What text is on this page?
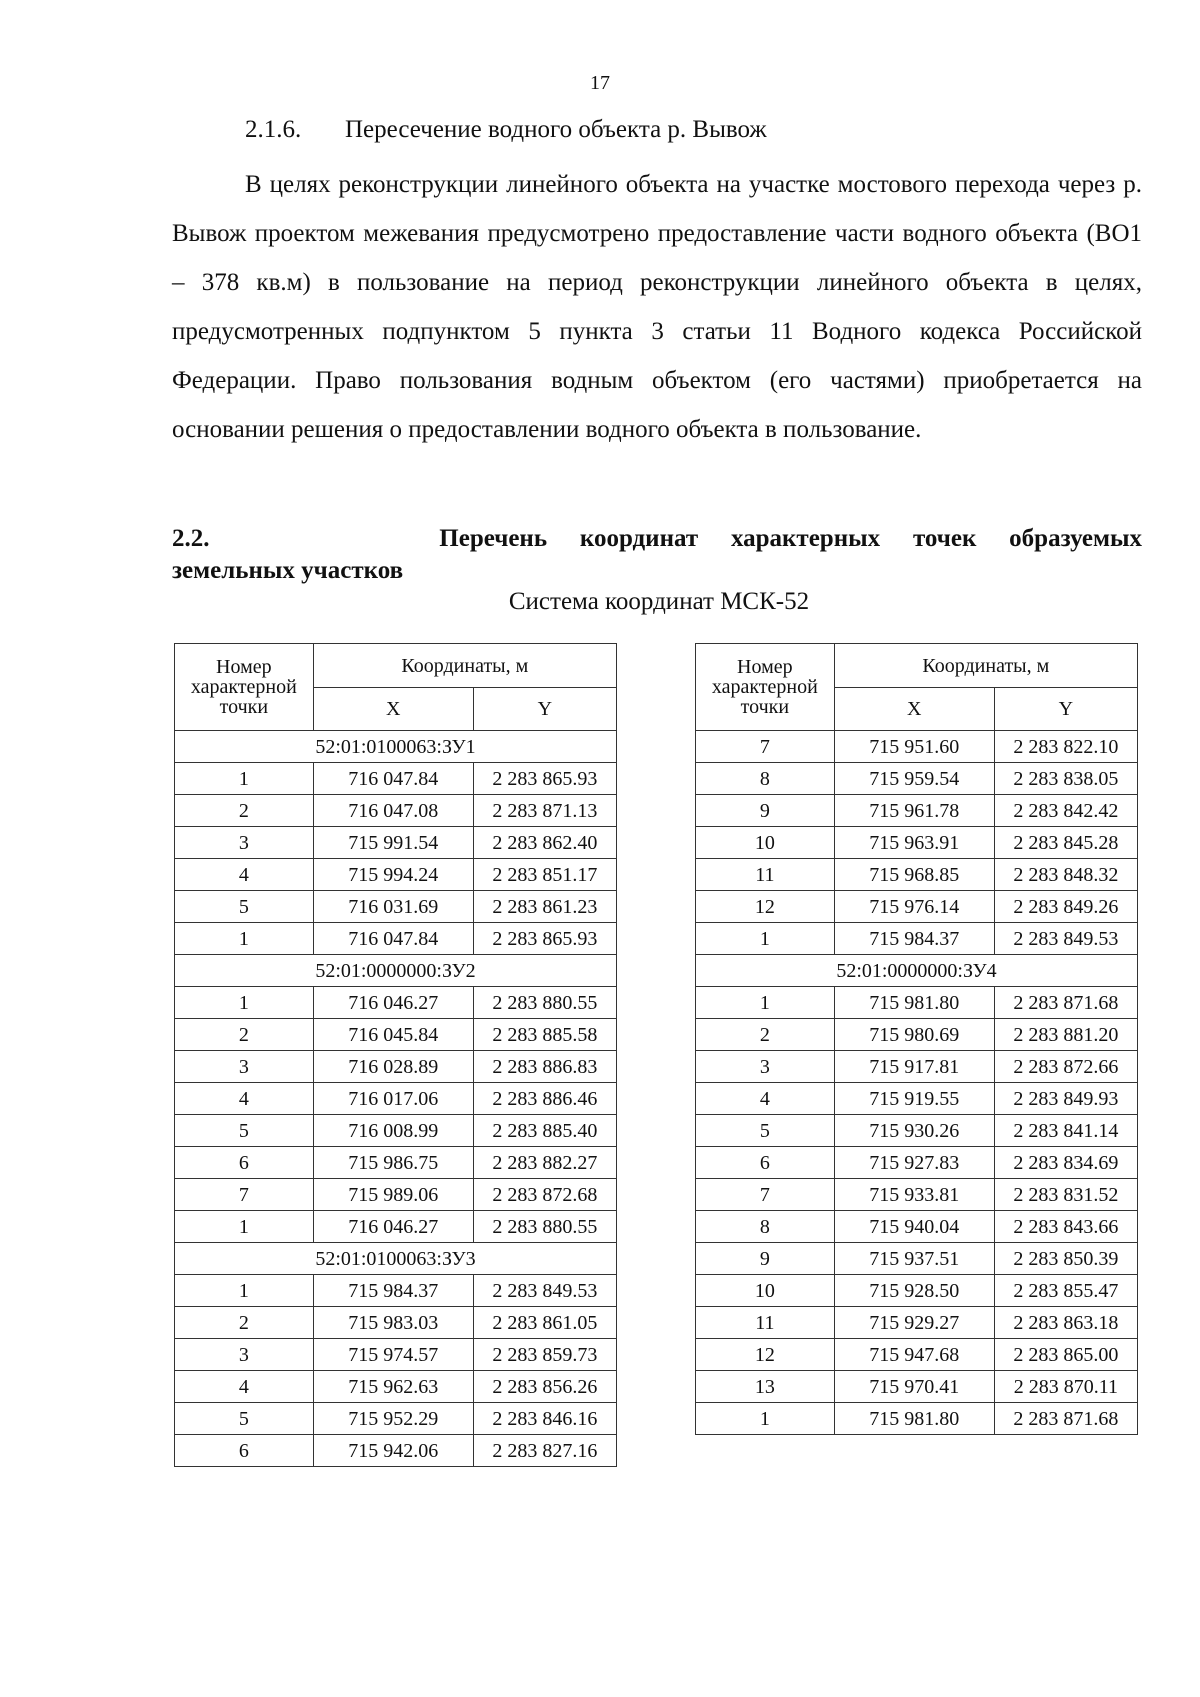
17
2.1.6. Пересечение водного объекта р. Вывож

В целях реконструкции линейного объекта на участке мостового перехода через р. Вывож проектом межевания предусмотрено предоставление части водного объекта (ВО1 – 378 кв.м) в пользование на период реконструкции линейного объекта в целях, предусмотренных подпунктом 5 пункта 3 статьи 11 Водного кодекса Российской Федерации. Право пользования водным объектом (его частями) приобретается на основании решения о предоставлении водного объекта в пользование.

2.2.       Перечень координат характерных точек образуемых

земельных участков

Система координат МСК-52
Номер характерной точки	Координаты, м	
	X	Y
52:01:0100063:ЗУ1		
1	716 047.84	2 283 865.93
2	716 047.08	2 283 871.13
3	715 991.54	2 283 862.40
4	715 994.24	2 283 851.17
5	716 031.69	2 283 861.23
1	716 047.84	2 283 865.93
52:01:0000000:ЗУ2		
1	716 046.27	2 283 880.55
2	716 045.84	2 283 885.58
3	716 028.89	2 283 886.83
4	716 017.06	2 283 886.46
5	716 008.99	2 283 885.40
6	715 986.75	2 283 882.27
7	715 989.06	2 283 872.68
1	716 046.27	2 283 880.55
52:01:0100063:ЗУ3		
1	715 984.37	2 283 849.53
2	715 983.03	2 283 861.05
3	715 974.57	2 283 859.73
4	715 962.63	2 283 856.26
5	715 952.29	2 283 846.16
6	715 942.06	2 283 827.16
Номер характерной точки	Координаты, м	
	X	Y
7	715 951.60	2 283 822.10
8	715 959.54	2 283 838.05
9	715 961.78	2 283 842.42
10	715 963.91	2 283 845.28
11	715 968.85	2 283 848.32
12	715 976.14	2 283 849.26
1	715 984.37	2 283 849.53
52:01:0000000:ЗУ4		
1	715 981.80	2 283 871.68
2	715 980.69	2 283 881.20
3	715 917.81	2 283 872.66
4	715 919.55	2 283 849.93
5	715 930.26	2 283 841.14
6	715 927.83	2 283 834.69
7	715 933.81	2 283 831.52
8	715 940.04	2 283 843.66
9	715 937.51	2 283 850.39
10	715 928.50	2 283 855.47
11	715 929.27	2 283 863.18
12	715 947.68	2 283 865.00
13	715 970.41	2 283 870.11
1	715 981.80	2 283 871.68
